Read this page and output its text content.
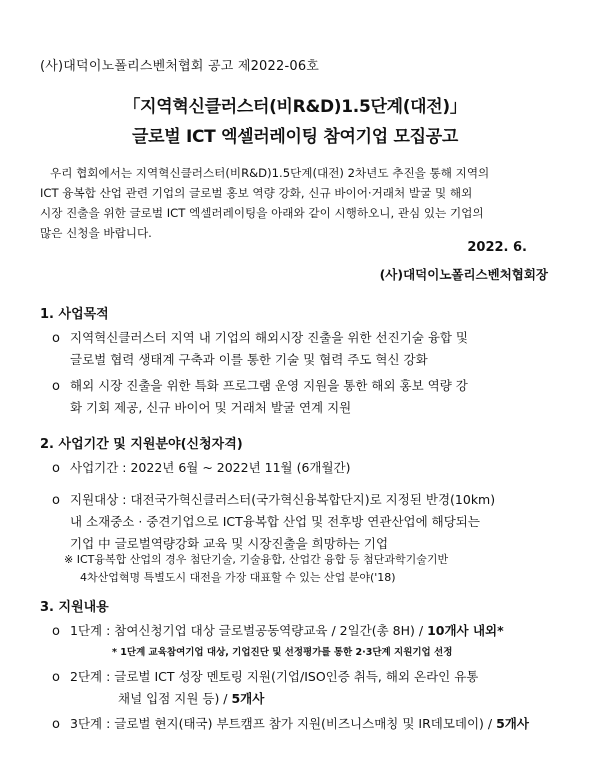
(사)대덕이노폴리스벤처협회 공고 제2022-06호
「지역혁신클러스터(비R&D)1.5단계(대전)」
글로벌 ICT 엑셀러레이팅 참여기업 모집공고
우리 협회에서는 지역혁신클러스터(비R&D)1.5단계(대전) 2차년도 추진을 통해 지역의
ICT 융복합 산업 관련 기업의 글로벌 홍보 역량 강화, 신규 바이어·거래처 발굴 및 해외
시장 진출을 위한 글로벌 ICT 엑셀러레이팅을 아래와 같이 시행하오니, 관심 있는 기업의
많은 신청을 바랍니다.
2022. 6.
(사)대덕이노폴리스벤처협회장
1. 사업목적
o 지역혁신클러스터 지역 내 기업의 해외시장 진출을 위한 선진기술 융합 및
글로벌 협력 생태계 구축과 이를 통한 기술 및 협력 주도 혁신 강화
o 해외 시장 진출을 위한 특화 프로그램 운영 지원을 통한 해외 홍보 역량 강
화 기회 제공, 신규 바이어 및 거래처 발굴 연계 지원
2. 사업기간 및 지원분야(신청자격)
o 사업기간 : 2022년 6월 ~ 2022년 11월 (6개월간)
o 지원대상 : 대전국가혁신클러스터(국가혁신융복합단지)로 지정된 반경(10km)
내 소재중소 · 중견기업으로 ICT융복합 산업 및 전후방 연관산업에 해당되는
기업 中 글로벌역량강화 교육 및 시장진출을 희망하는 기업
※ ICT융복합 산업의 경우 첨단기술, 기술융합, 산업간 융합 등 첨단과학기술기반
4차산업혁명 특별도시 대전을 가장 대표할 수 있는 산업 분야('18)
3. 지원내용
o 1단계 : 참여신청기업 대상 글로벌공동역량교육 / 2일간(총 8H) / 10개사 내외*
* 1단계 교육참여기업 대상, 기업진단 및 선정평가를 통한 2·3단계 지원기업 선정
o 2단계 : 글로벌 ICT 성장 멘토링 지원(기업/ISO인증 취득, 해외 온라인 유통
채널 입점 지원 등) / 5개사
o 3단계 : 글로벌 현지(태국) 부트캠프 참가 지원(비즈니스매칭 및 IR데모데이) / 5개사
